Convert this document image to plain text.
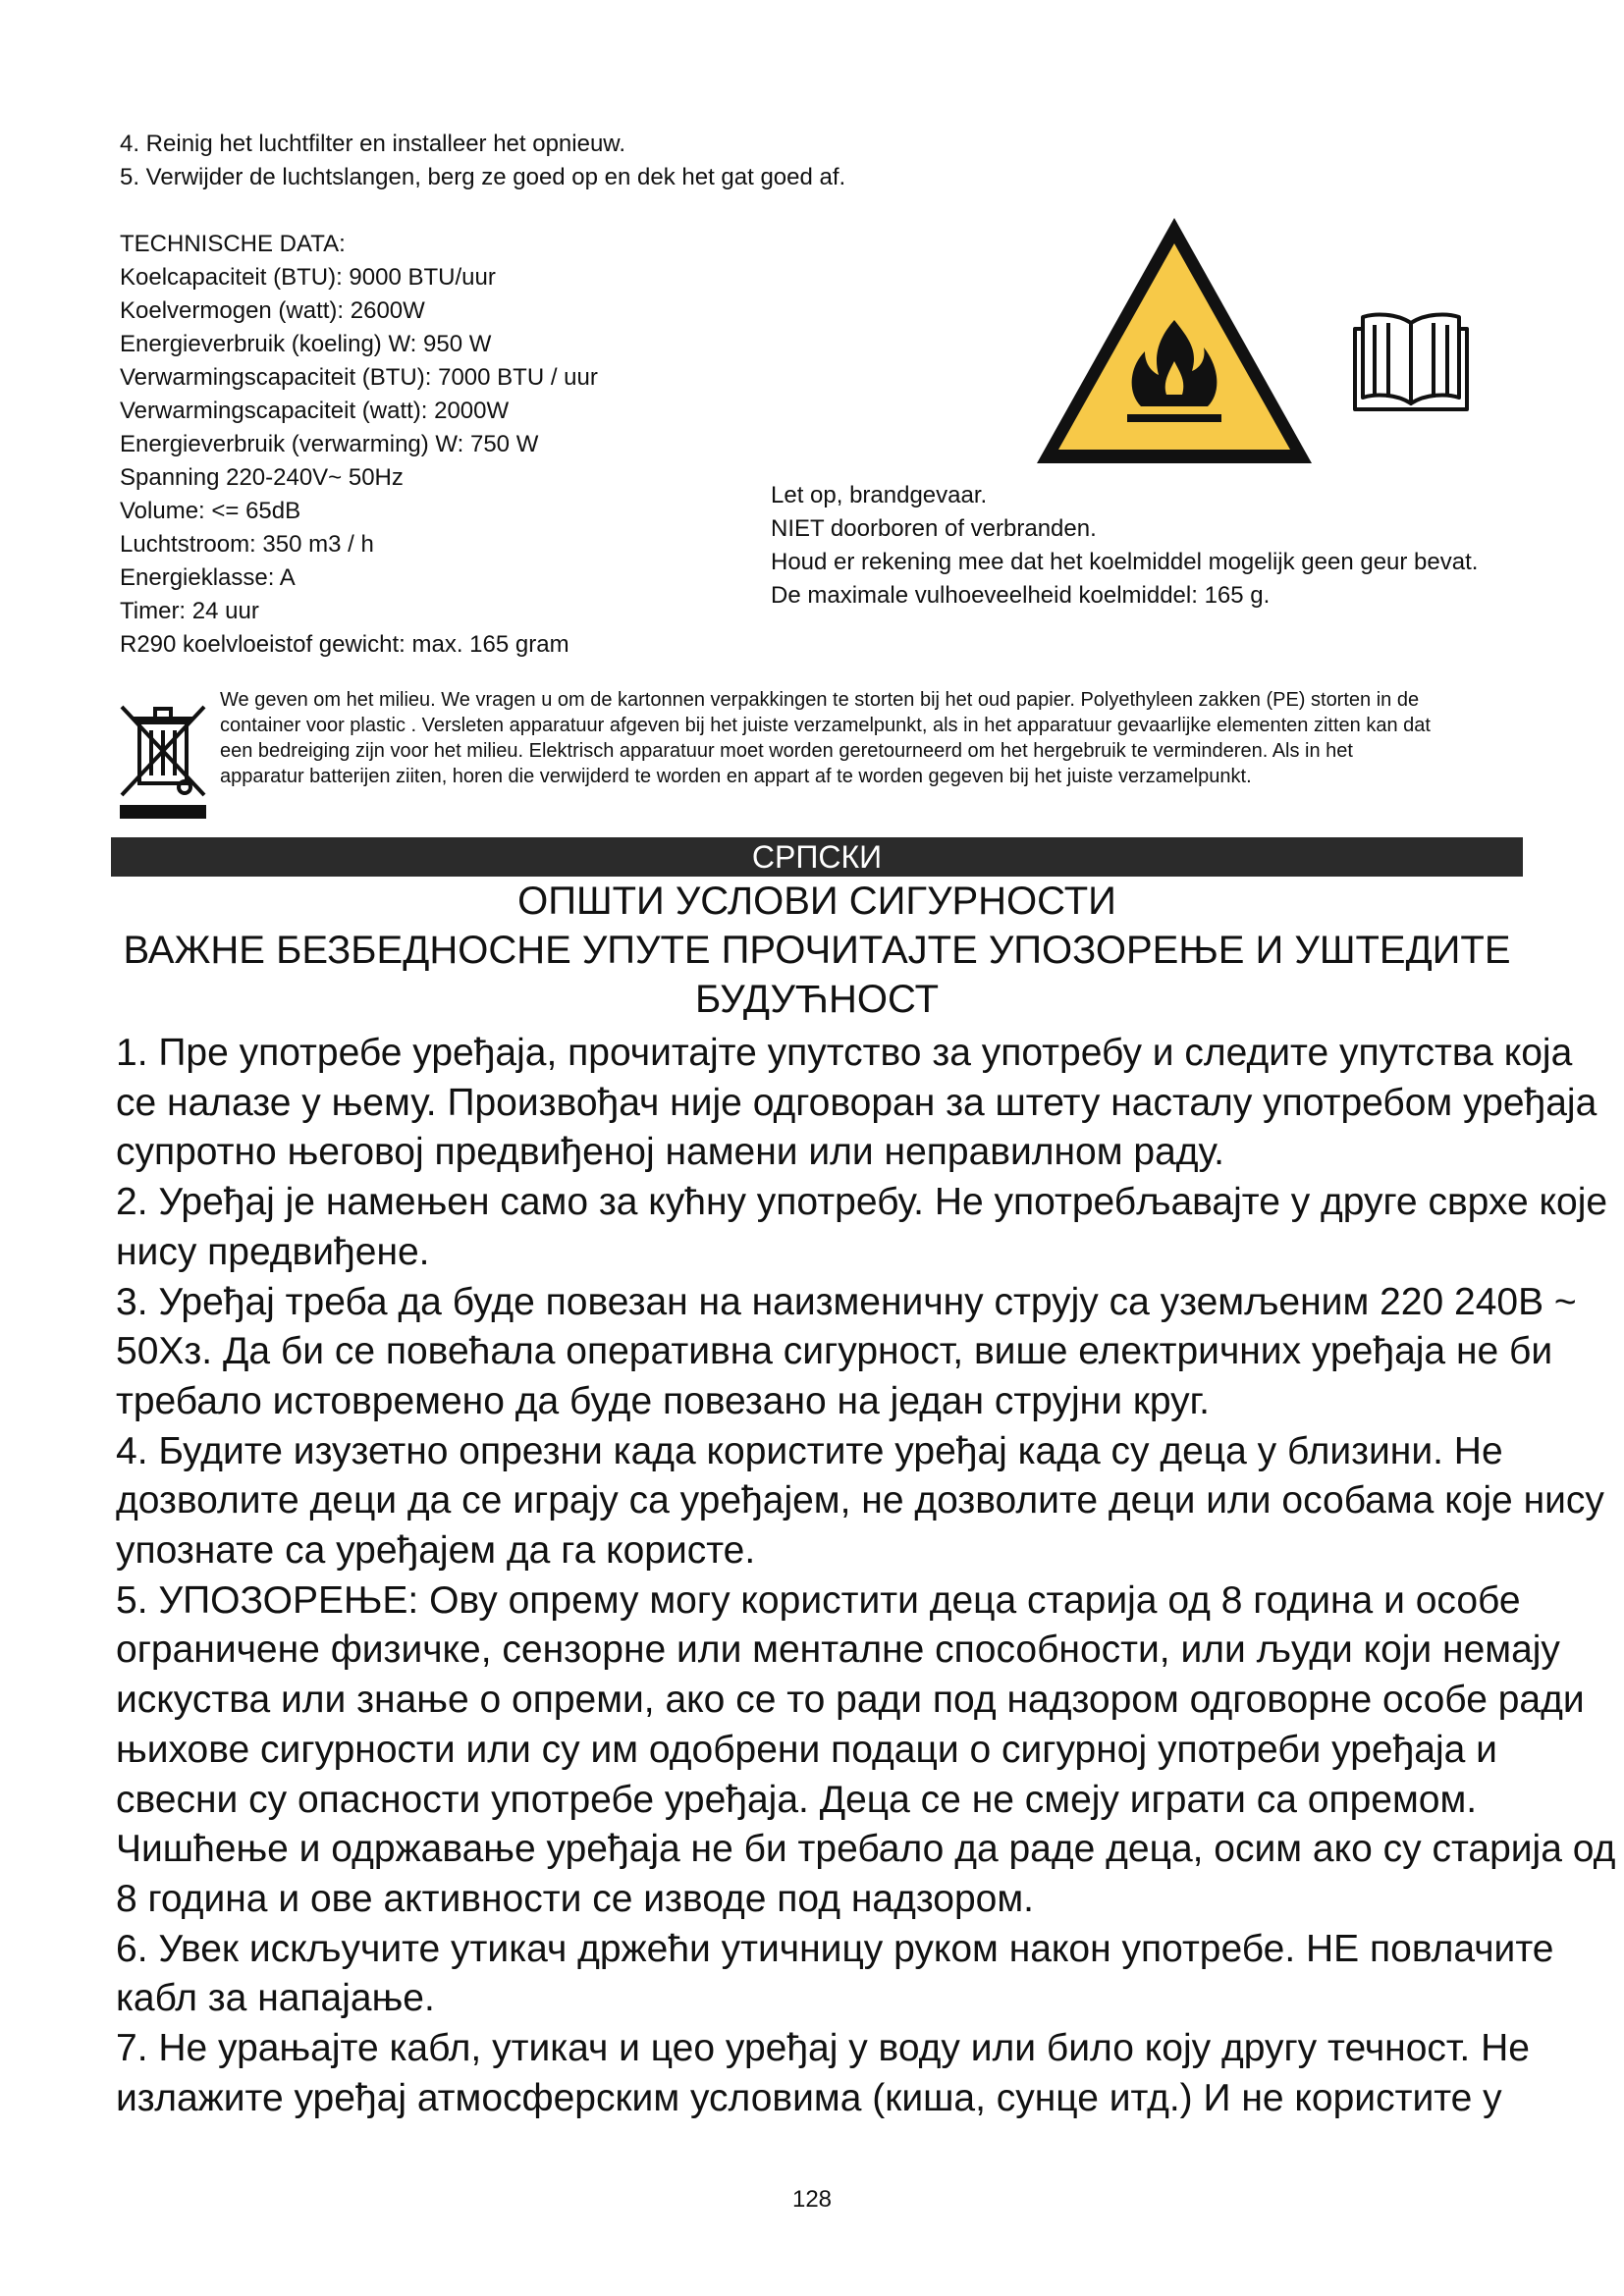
4. Reinig het luchtfilter en installeer het opnieuw.
5. Verwijder de luchtslangen, berg ze goed op en dek het gat goed af.
TECHNISCHE DATA:
Koelcapaciteit (BTU): 9000 BTU/uur
Koelvermogen (watt): 2600W
Energieverbruik (koeling) W: 950 W
Verwarmingscapaciteit (BTU): 7000 BTU / uur
Verwarmingscapaciteit (watt): 2000W
Energieverbruik (verwarming) W: 750 W
Spanning 220-240V~ 50Hz
Volume: <= 65dB
Luchtstroom: 350 m3 / h
Energieklasse: A
Timer: 24 uur
R290 koelvloeistof gewicht: max. 165 gram
Let op, brandgevaar.
NIET doorboren of verbranden.
Houd er rekening mee dat het koelmiddel mogelijk geen geur bevat.
De maximale vulhoeveelheid koelmiddel: 165 g.
We geven om het milieu. We vragen u om de kartonnen verpakkingen te storten bij het oud papier. Polyethyleen zakken (PE) storten in de
container voor plastic . Versleten apparatuur afgeven bij het juiste verzamelpunkt, als in het apparatuur gevaarlijke elementen zitten kan dat
een bedreiging zijn voor het milieu. Elektrisch apparatuur moet worden geretourneerd om het hergebruik te verminderen. Als in het
apparatur batterijen ziiten, horen die verwijderd te worden en appart af te worden gegeven bij het juiste verzamelpunkt.
СРПСКИ
ОПШТИ УСЛОВИ СИГУРНОСТИ
ВАЖНЕ БЕЗБЕДНОСНЕ УПУТЕ ПРОЧИТАЈТЕ УПОЗОРЕЊЕ И УШТЕДИТЕ
БУДУЋНОСТ
1. Пре употребе уређаја, прочитајте упутство за употребу и следите упутства која
се налазе у њему. Произвођач није одговоран за штету насталу употребом уређаја
супротно његовој предвиђеној намени или неправилном раду.
2. Уређај је намењен само за кућну употребу. Не употребљавајте у друге сврхе које
нису предвиђене.
3. Уређај треба да буде повезан на наизменичну струју са уземљеним 220 240В ~
50Хз. Да би се повећала оперативна сигурност, више електричних уређаја не би
требало истовремено да буде повезано на један струјни круг.
4. Будите изузетно опрезни када користите уређај када су деца у близини. Не
дозволите деци да се играју са уређајем, не дозволите деци или особама које нису
упознате са уређајем да га користе.
5. УПОЗОРЕЊЕ: Ову опрему могу користити деца старија од 8 година и особе
ограничене физичке, сензорне или менталне способности, или људи који немају
искуства или знање о опреми, ако се то ради под надзором одговорне особе ради
њихове сигурности или су им одобрени подаци о сигурној употреби уређаја и
свесни су опасности употребе уређаја. Деца се не смеју играти са опремом.
Чишћење и одржавање уређаја не би требало да раде деца, осим ако су старија од
8 година и ове активности се изводе под надзором.
6. Увек искључите утикач држећи утичницу руком након употребе. НЕ повлачите
кабл за напајање.
7. Не урањајте кабл, утикач и цео уређај у воду или било коју другу течност. Не
излажите уређај атмосферским условима (киша, сунце итд.) И не користите у
128
